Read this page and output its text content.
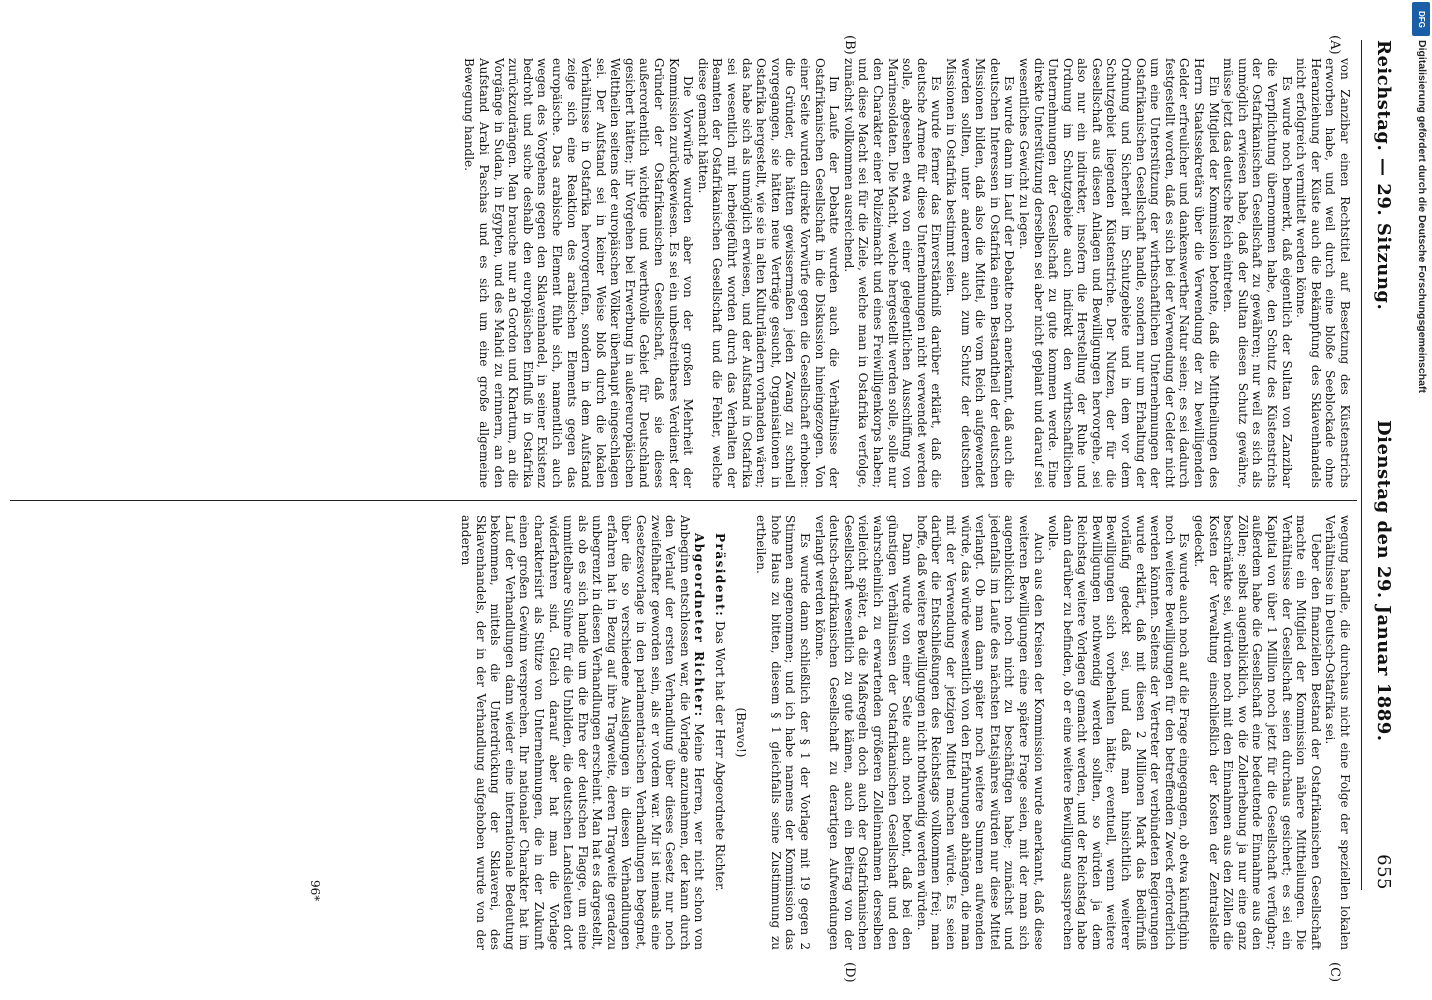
Reichstag. — 29. Sitzung.
Dienstag den 29. Januar 1889.
655
(A)
(B)
(C)
(D)

von Zanzibar einen Rechtstitel auf Besetzung des Küstenstrichs erworben habe, und weil durch eine bloße Seeblockade ohne Heranziehung der Küste auch die Bekämpfung des Sklavenhandels nicht erfolgreich vermittelt werden könne.

Es wurde noch bemerkt, daß eigentlich der Sultan von Zanzibar die Verpflichtung übernommen habe, den Schutz des Küstenstrichs der Ostafrikanischen Gesellschaft zu gewähren; nur weil es sich als unmöglich erwiesen habe, daß der Sultan diesen Schutz gewähre, müsse jetzt das deutsche Reich eintreten.

Ein Mitglied der Kommission betonte, daß die Mittheilungen des Herrn Staatssekretärs über die Verwendung der zu bewilligenden Gelder erfreulicher und dankenswerther Natur seien; es sei dadurch festgestellt worden, daß es sich bei der Verwendung der Gelder nicht um eine Unterstützung der wirthschaftlichen Unternehmungen der Ostafrikanischen Gesellschaft handle, sondern nur um Erhaltung der Ordnung und Sicherheit im Schutzgebiete und in dem vor dem Schutzgebiet liegenden Küstenstriche. Der Nutzen, der für die Gesellschaft aus diesen Anlagen und Bewilligungen hervorgehe, sei also nur ein indirekter, insofern die Herstellung der Ruhe und Ordnung im Schutzgebiete auch indirekt den wirthschaftlichen Unternehmungen der Gesellschaft zu gute kommen werde. Eine direkte Unterstützung derselben sei aber nicht geplant und darauf sei wesentliches Gewicht zu legen.

Es wurde dann im Lauf der Debatte noch anerkannt, daß auch die deutschen Interessen in Ostafrika einen Bestandtheil der deutschen Missionen bilden, daß also die Mittel, die vom Reich aufgewendet werden sollten, unter anderem auch zum Schutz der deutschen Missionen in Ostafrika bestimmt seien.

Es wurde ferner das Einverständniß darüber erklärt, daß die deutsche Armee für diese Unternehmungen nicht verwendet werden solle, abgesehen etwa von einer gelegentlichen Ausschiffung von Marinesoldaten. Die Macht, welche hergestellt werden solle, solle nur den Charakter einer Polizeimacht und eines Freiwilligenkorps haben; und diese Macht sei für die Ziele, welche man in Ostafrika verfolge, zunächst vollkommen ausreichend.

Im Laufe der Debatte wurden auch die Verhältnisse der Ostafrikanischen Gesellschaft in die Diskussion hineingezogen. Von einer Seite wurden direkte Vorwürfe gegen die Gesellschaft erhoben: die Gründer, die hätten gewissermaßen jeden Zwang zu schnell vorgegangen, sie hätten neue Verträge gesucht, Organisationen in Ostafrika hergestellt, wie sie in alten Kulturländern vorhanden wären; das habe sich als unmöglich erwiesen, und der Aufstand in Ostafrika sei wesentlich mit herbeigeführt worden durch das Verhalten der Beamten der Ostafrikanischen Gesellschaft und die Fehler, welche diese gemacht hätten.

Die Vorwürfe wurden aber von der großen Mehrheit der Kommission zurückgewiesen. Es sei ein unbestreitbares Verdienst der Gründer der Ostafrikanischen Gesellschaft, daß sie dieses außerordentlich wichtige und werthvolle Gebiet für Deutschland gesichert hätten; ihr Vorgehen bei Erwerbung in außereuropäischen Welttheilen seitens der europäischen Völker überhaupt eingeschlagen sei. Der Aufstand sei in keiner Weise bloß durch die lokalen Verhältnisse in Ostafrika hervorgerufen, sondern in dem Aufstand zeige sich eine Reaktion des arabischen Elements gegen das europäische. Das arabische Element fühle sich, namentlich auch wegen des Vorgehens gegen den Sklavenhandel, in seiner Existenz bedroht und suche deshalb den europäischen Einfluß in Ostafrika zurückzudrängen. Man brauche nur an Gordon und Khartum, an die Vorgänge in Sudan, in Egypten, und des Mahdi zu erinnern, an den Aufstand Arabi Paschas und es sich um eine große allgemeine Bewegung handle.

wegung handle, die durchaus nicht eine Folge der speziellen lokalen Verhältnisse in Deutsch-Ostafrika sei.

Ueber den finanziellen Bestand der Ostafrikanischen Gesellschaft machte ein Mitglied der Kommission nähere Mittheilungen. Die Verhältnisse der Gesellschaft seien durchaus gesichert; es sei ein Kapital von über 1 Million noch jetzt für die Gesellschaft verfügbar; außerdem habe die Gesellschaft eine bedeutende Einnahme aus den Zöllen; selbst augenblicklich, wo die Zollerhebung ja nur eine ganz beschränkte sei, würden noch mit den Einnahmen aus den Zöllen die Kosten der Verwaltung einschließlich der Kosten der Zentralstelle gedeckt.

Es wurde auch noch auf die Frage eingegangen, ob etwa künftighin noch weitere Bewilligungen für den betreffenden Zweck erforderlich werden könnten. Seitens der Vertreter der verbündeten Regierungen wurde erklärt, daß mit diesen 2 Millionen Mark das Bedürfniß vorläufig gedeckt sei, und daß man hinsichtlich weiterer Bewilligungen sich vorbehalten hätte; eventuell, wenn weitere Bewilligungen nothwendig werden sollten, so würden ja dem Reichstag weitere Vorlagen gemacht werden, und der Reichstag habe dann darüber zu befinden, ob er eine weitere Bewilligung aussprechen wolle.

Auch aus den Kreisen der Kommission wurde anerkannt, daß diese weiteren Bewilligungen eine spätere Frage seien, mit der man sich augenblicklich noch nicht zu beschäftigen habe; zunächst und jedenfalls im Laufe des nächsten Etatsjahres würden nur diese Mittel verlangt. Ob man dann später noch weitere Summen aufwenden würde, das würde wesentlich von den Erfahrungen abhängen, die man mit der Verwendung der jetzigen Mittel machen würde. Es seien darüber die Entschließungen des Reichstags vollkommen frei; man hoffe, daß weitere Bewilligungen nicht nothwendig werden würden.

Dann wurde von einer Seite auch noch betont, daß bei den günstigen Verhältnissen der Ostafrikanischen Gesellschaft und den wahrscheinlich zu erwartenden größeren Zolleinnahmen derselben vielleicht später, da die Maßregeln doch auch der Ostafrikanischen Gesellschaft wesentlich zu gute kämen, auch ein Beitrag von der deutsch-ostafrikanischen Gesellschaft zu derartigen Aufwendungen verlangt werden könne.

Es wurde dann schließlich der § 1 der Vorlage mit 19 gegen 2 Stimmen angenommen; und ich habe namens der Kommission das hohe Haus zu bitten, diesem § 1 gleichfalls seine Zustimmung zu ertheilen.

(Bravo!)

Präsident: Das Wort hat der Herr Abgeordnete Richter.

Abgeordneter Richter: Meine Herren, wer nicht schon von Anbeginn entschlossen war, die Vorlage anzunehmen, der kann durch den Verlauf der ersten Verhandlung über dieses Gesetz nur noch zweifelhafter geworden sein, als er vordem war. Mir ist niemals eine Gesetzesvorlage in den parlamentarischen Verhandlungen begegnet, über die so verschiedene Auslegungen in diesen Verhandlungen erfahren hat in Bezug auf ihre Tragweite, deren Tragweite geradezu unbegrenzt in diesen Verhandlungen erscheint. Man hat es dargestellt, als ob es sich handle um die Ehre der deutschen Flagge, um eine unmittelbare Sühne für die Unbilden, die deutschen Landsleuten dort widerfahren sind. Gleich darauf aber hat man die Vorlage charakterisirt als Stütze von Unternehmungen, die in der Zukunft einen großen Gewinn versprechen. Ihr nationaler Charakter hat im Lauf der Verhandlungen dann wieder eine internationale Bedeutung bekommen, mittels die Unterdrückung der Sklaverei, des Sklavenhandels, der in der Verhandlung aufgehoben wurde von der anderen

96*
Digitalisierung gefördert durch die Deutsche Forschungsgemeinschaft
DFG
